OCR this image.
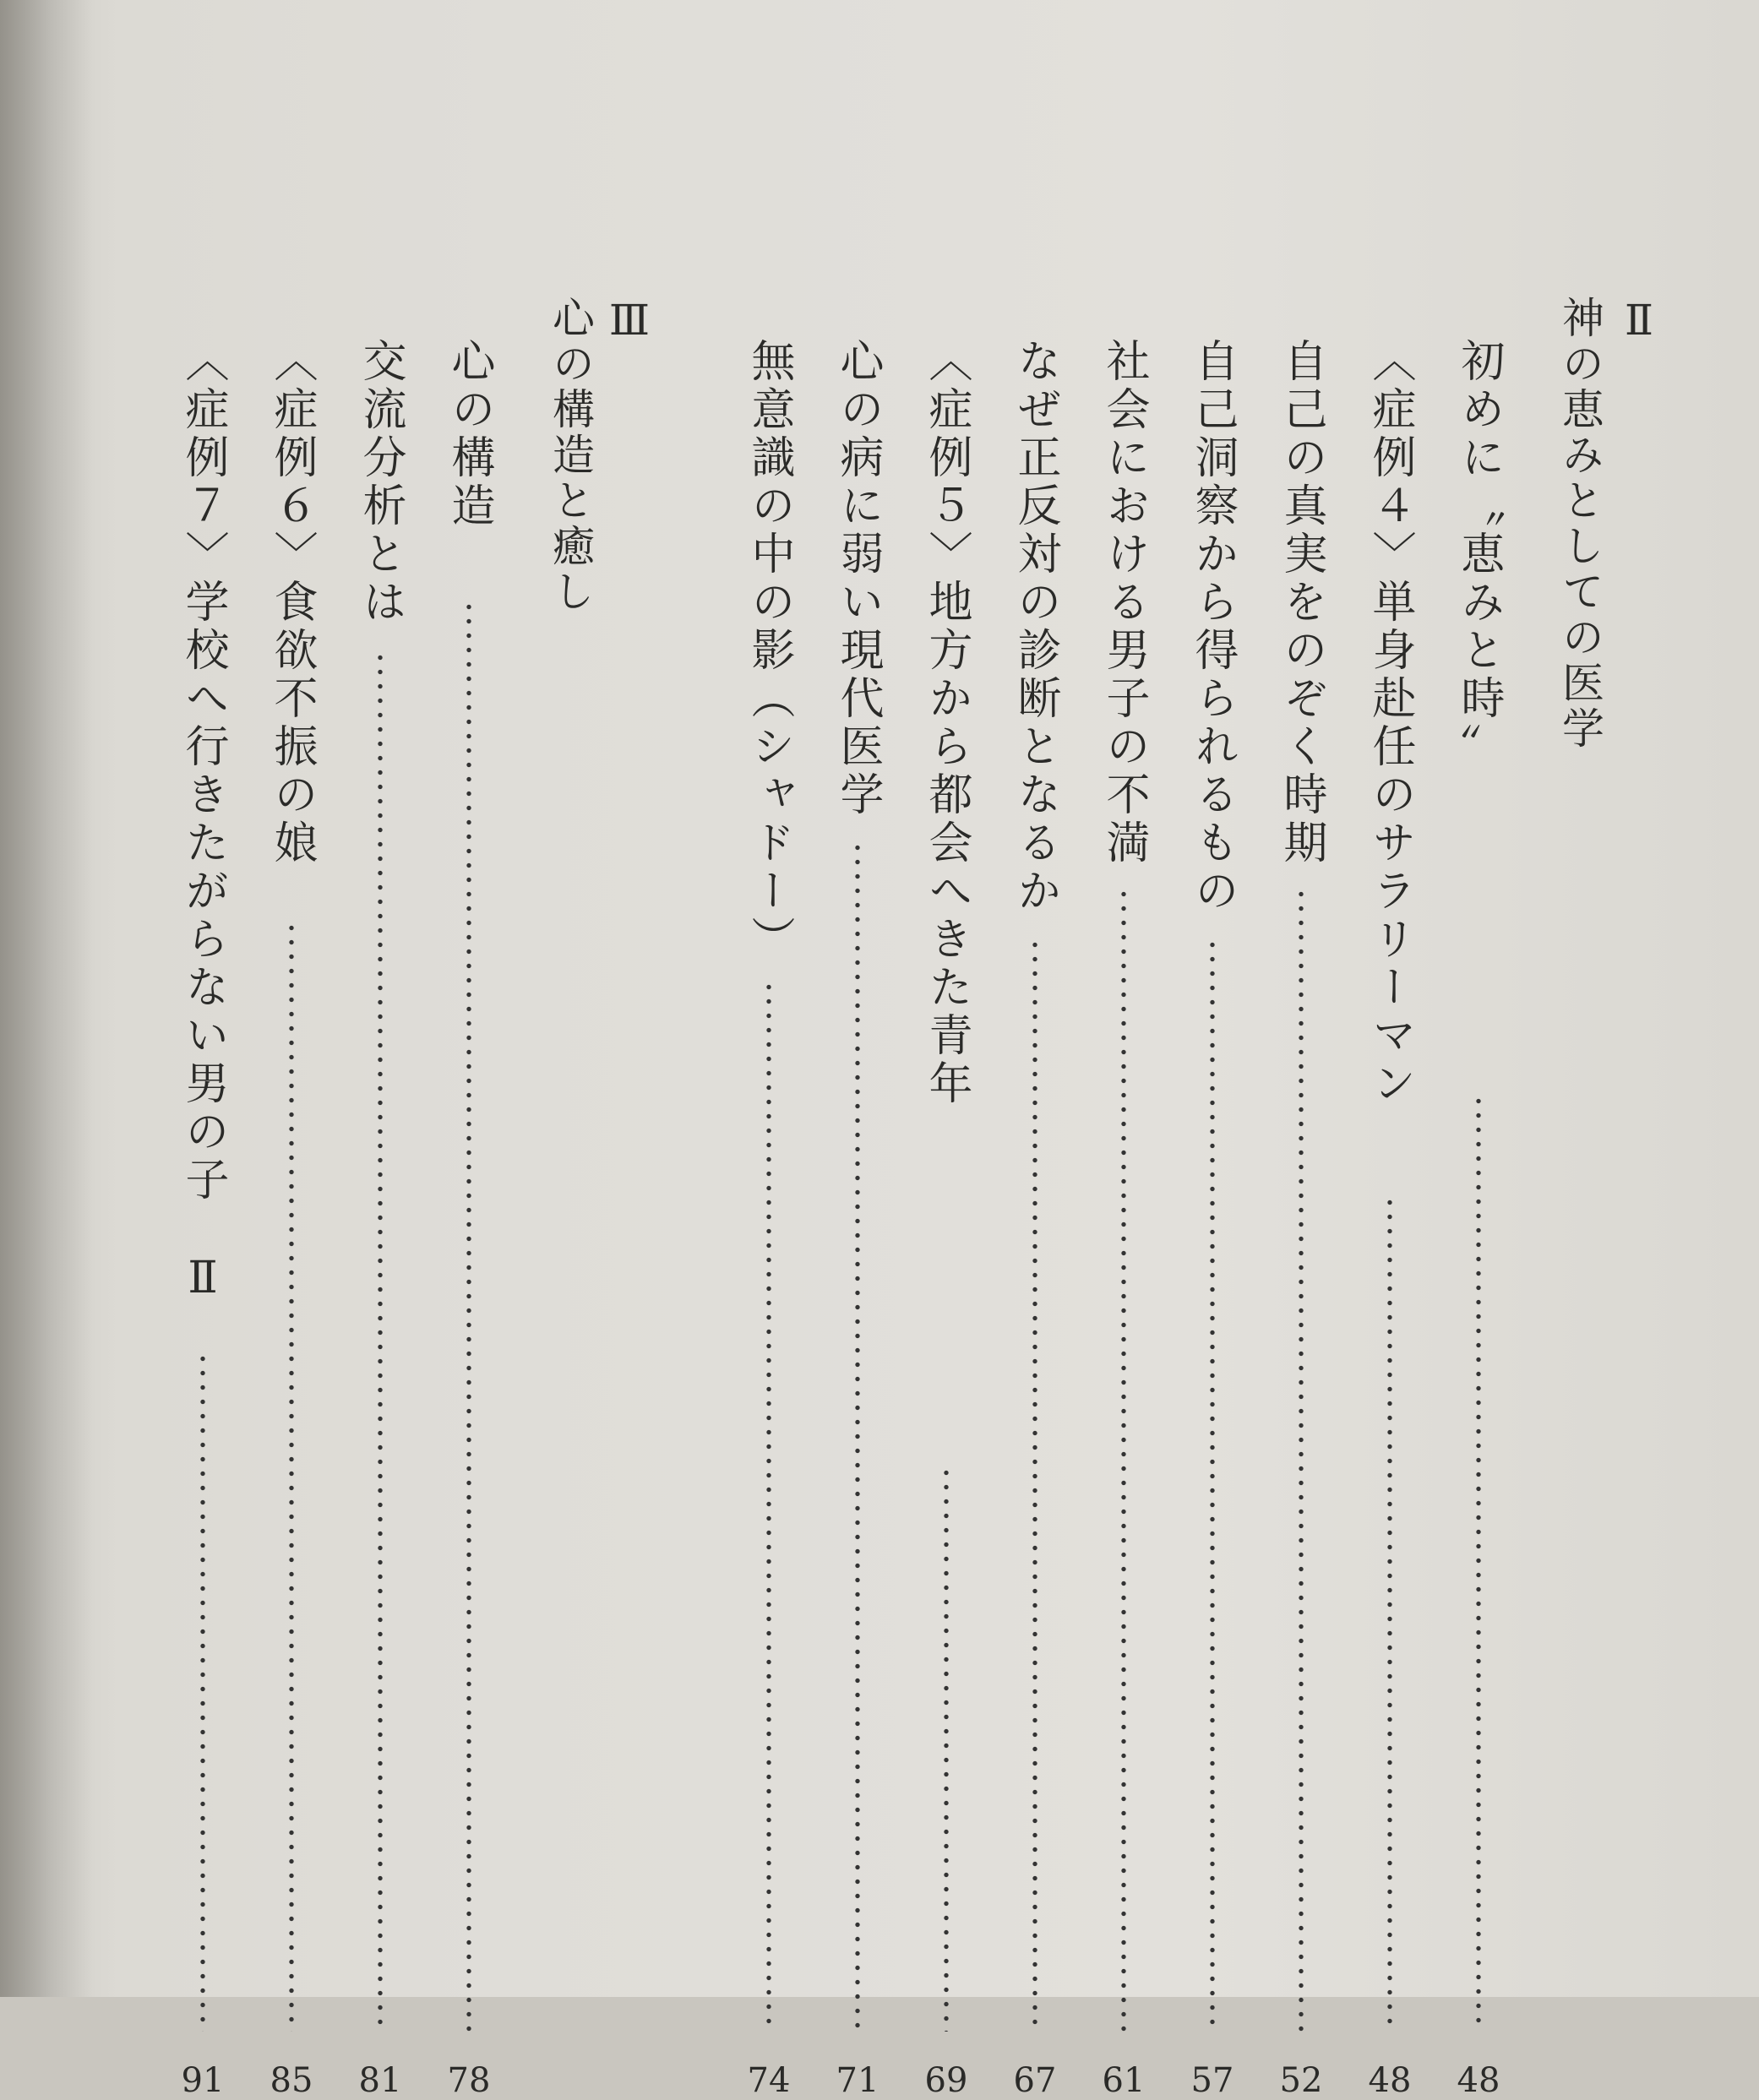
Ⅱ
神の恵みとしての医学
初めに〝恵みと時〟
48
〈症例４〉単身赴任のサラリーマン
48
自己の真実をのぞく時期
52
自己洞察から得られるもの
57
社会における男子の不満
61
なぜ正反対の診断となるか
67
〈症例５〉地方から都会へきた青年
69
心の病に弱い現代医学
71
無意識の中の影（シャドー）
74
Ⅲ
心の構造と癒し
心の構造
78
交流分析とは
81
〈症例６〉食欲不振の娘
85
〈症例７〉学校へ行きたがらない男の子　Ⅱ
91
